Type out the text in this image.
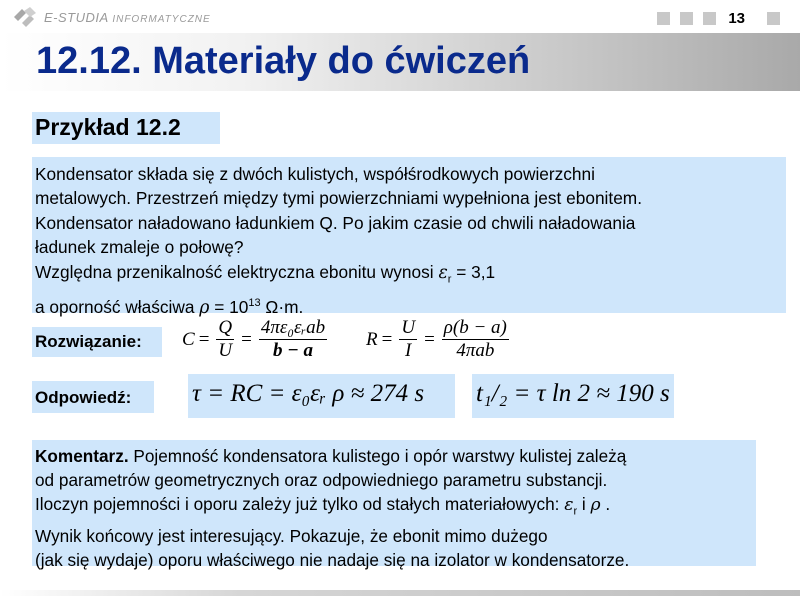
E-STUDIA INFORMATYCZNE	13
12.12. Materiały do ćwiczeń
Przykład 12.2
Kondensator składa się z dwóch kulistych, współśrodkowych powierzchni
metalowych. Przestrzeń między tymi powierzchniami wypełniona jest ebonitem.
Kondensator naładowano ładunkiem Q. Po jakim czasie od chwili naładowania
ładunek zmaleje o połowę?
Względna przenikalność elektryczna ebonitu wynosi $\varepsilon_r = 3,1$
a oporność właściwa $\rho = 10^{13}$ Ω·m.
Rozwiązanie: $C = \frac{Q}{U} = \frac{\text{4πε₀εᵣab}}{b - a}$ $R = \frac{U}{I} = \frac{\rho(b - a)}{\text{4πab}}$
Odpowiedź: τ = RC = ε₀εᵣ ρ ≈ 274 s t₁/₂ = τ ln 2 ≈ 190 s
Komentarz. Pojemność kondensatora kulistego i opór warstwy kulistej zależą
od parametrów geometrycznych oraz odpowiedniego parametru substancji.
Iloczyn pojemności i oporu zależy już tylko od stałych materiałowych: $\varepsilon_r$ i ρ .
Wynik końcowy jest interesujący. Pokazuje, że ebonit mimo dużego
(jak się wydaje) oporu właściwego nie nadaje się na izolator w kondensatorze.
